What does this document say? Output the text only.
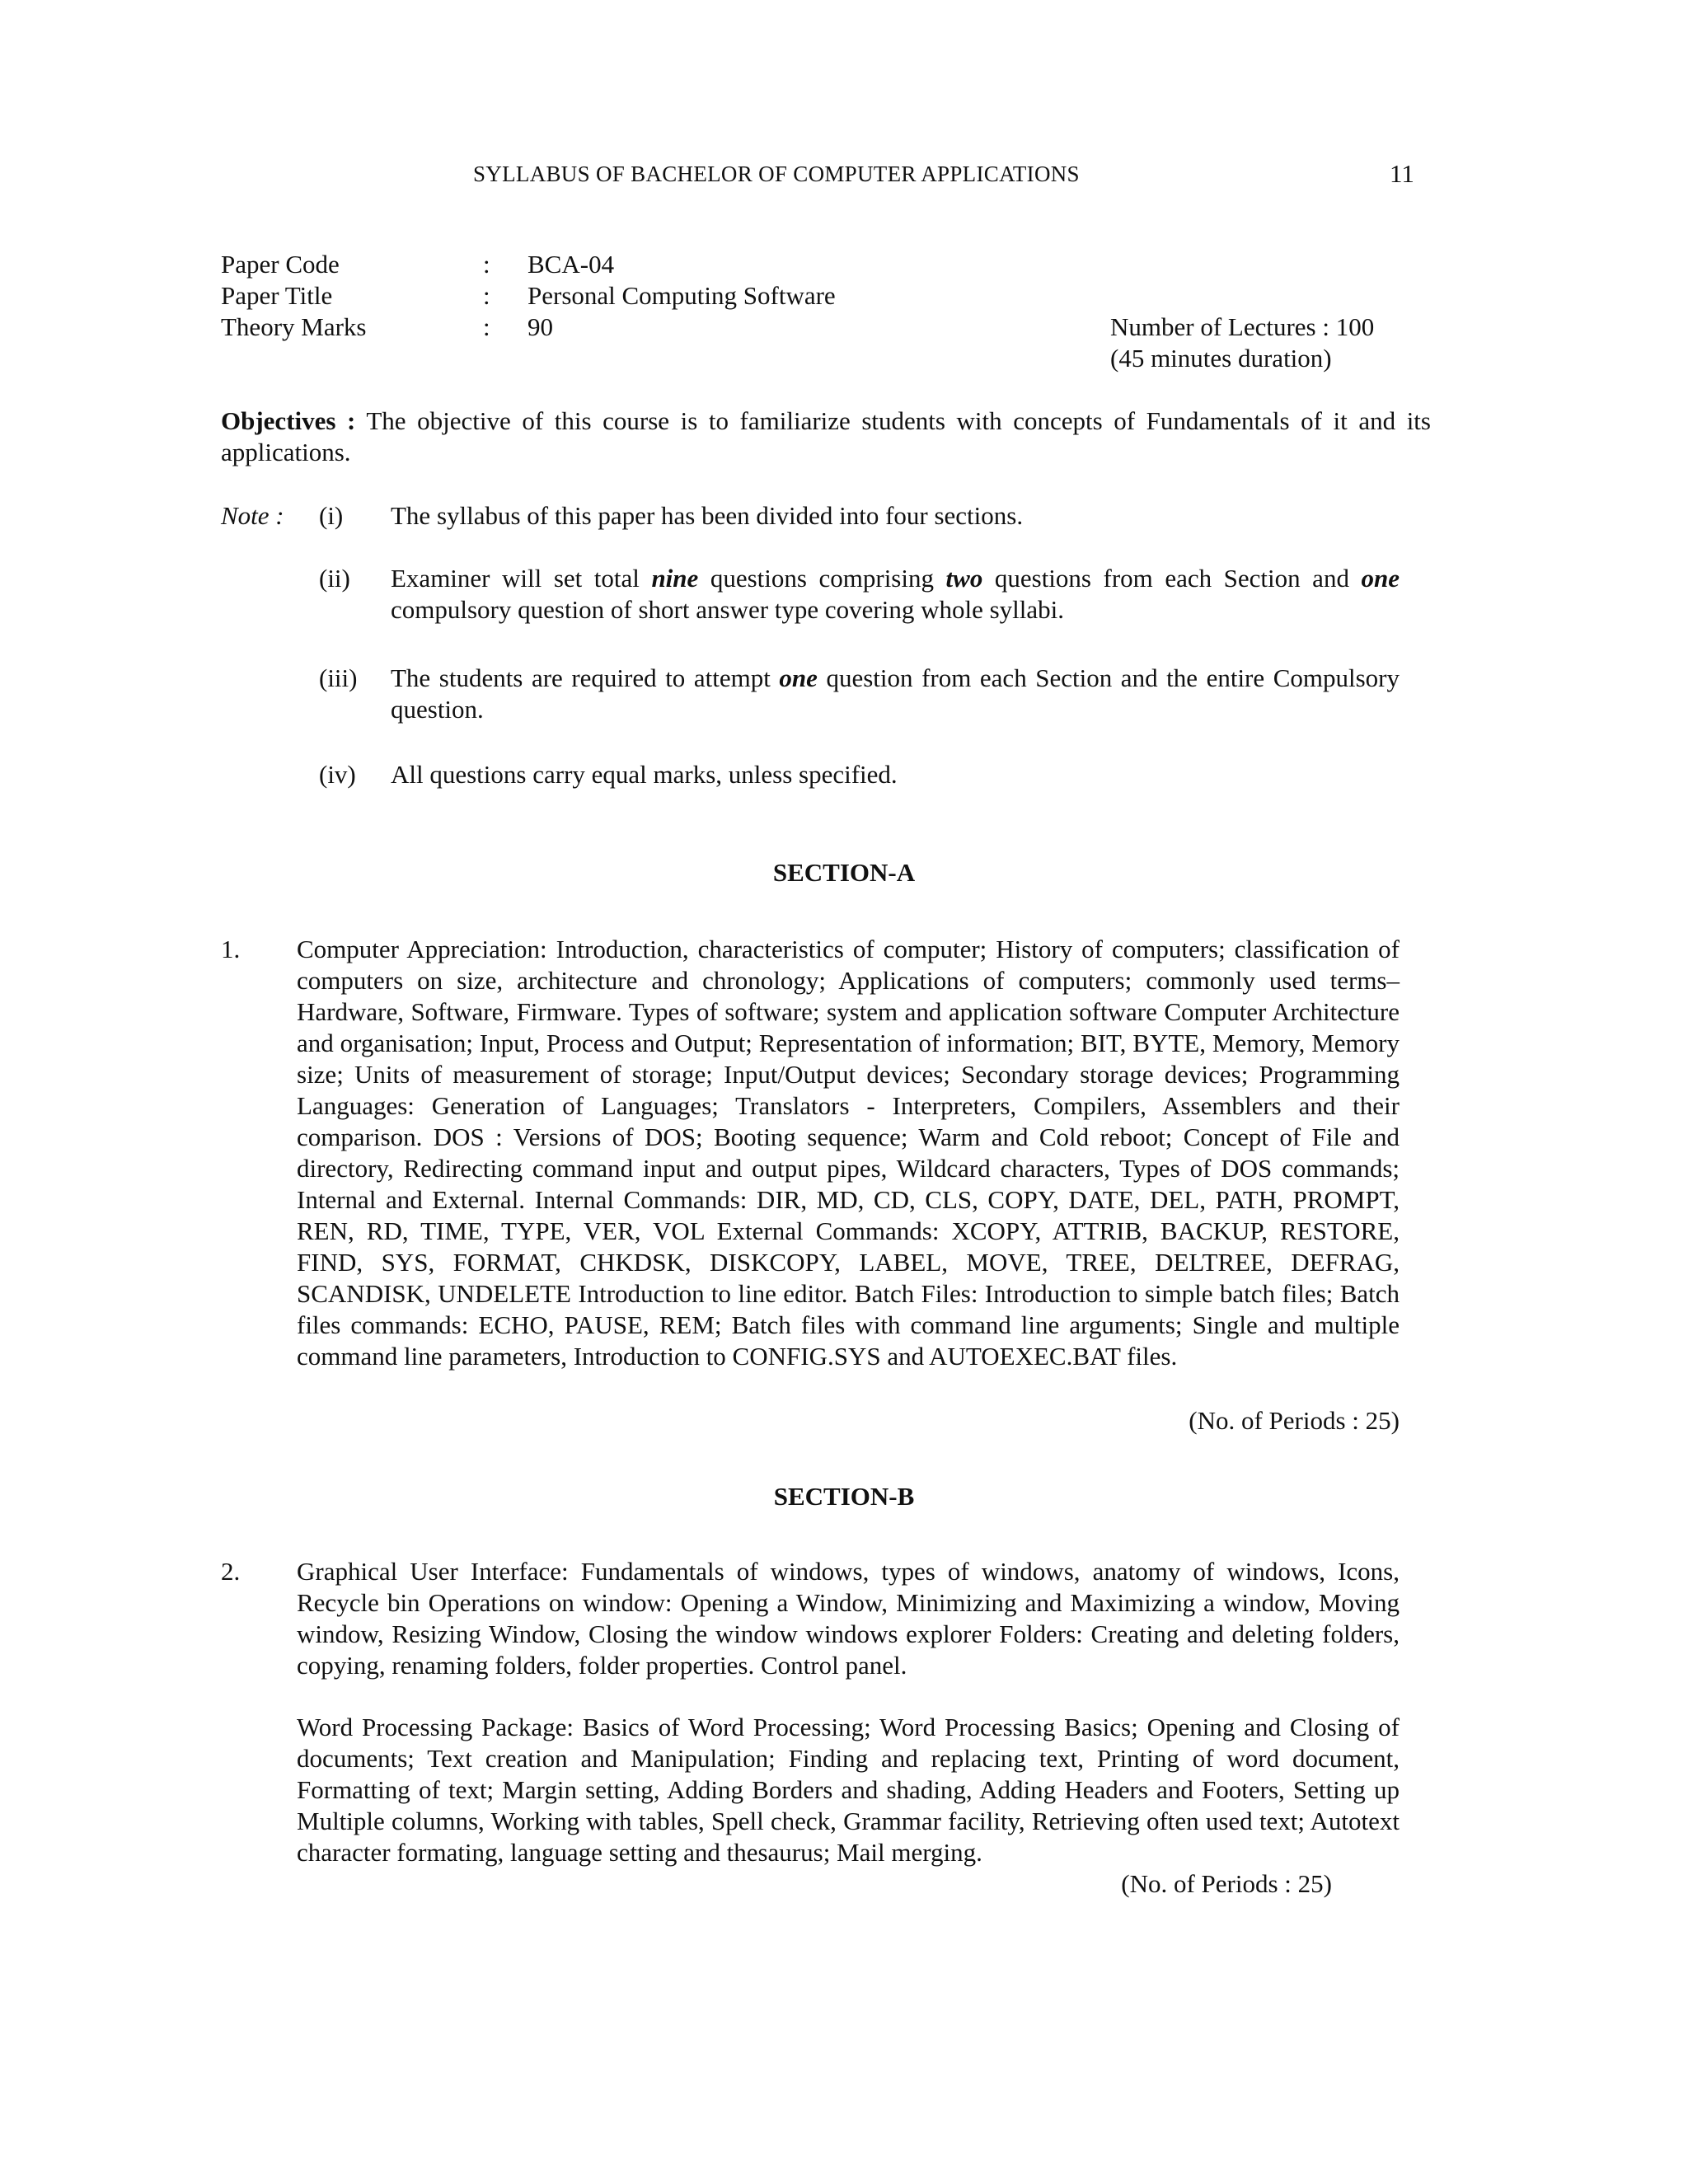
SYLLABUS OF BACHELOR OF COMPUTER APPLICATIONS	11
Paper Code	: BCA-04
Paper Title	: Personal Computing Software
Theory Marks	: 90	Number of Lectures : 100
(45 minutes duration)

Objectives : The objective of this course is to familiarize students with concepts of Fundamentals of it and its applications.

Note : (i) The syllabus of this paper has been divided into four sections.

(ii) Examiner will set total nine questions comprising two questions from each Section and one compulsory question of short answer type covering whole syllabi.

(iii) The students are required to attempt one question from each Section and the entire Compulsory question.

(iv) All questions carry equal marks, unless specified.

SECTION-A
1. Computer Appreciation: Introduction, characteristics of computer; History of computers; classification of computers on size, architecture and chronology; Applications of computers; commonly used terms–Hardware, Software, Firmware. Types of software; system and application software Computer Architecture and organisation; Input, Process and Output; Representation of information; BIT, BYTE, Memory, Memory size; Units of measurement of storage; Input/Output devices; Secondary storage devices; Programming Languages: Generation of Languages; Translators - Interpreters, Compilers, Assemblers and their comparison. DOS : Versions of DOS; Booting sequence; Warm and Cold reboot; Concept of File and directory, Redirecting command input and output pipes, Wildcard characters, Types of DOS commands; Internal and External. Internal Commands: DIR, MD, CD, CLS, COPY, DATE, DEL, PATH, PROMPT, REN, RD, TIME, TYPE, VER, VOL External Commands: XCOPY, ATTRIB, BACKUP, RESTORE, FIND, SYS, FORMAT, CHKDSK, DISKCOPY, LABEL, MOVE, TREE, DELTREE, DEFRAG, SCANDISK, UNDELETE Introduction to line editor. Batch Files: Introduction to simple batch files; Batch files commands: ECHO, PAUSE, REM; Batch files with command line arguments; Single and multiple command line parameters, Introduction to CONFIG.SYS and AUTOEXEC.BAT files.

(No. of Periods : 25)
SECTION-B
2. Graphical User Interface: Fundamentals of windows, types of windows, anatomy of windows, Icons, Recycle bin Operations on window: Opening a Window, Minimizing and Maximizing a window, Moving window, Resizing Window, Closing the window windows explorer Folders: Creating and deleting folders, copying, renaming folders, folder properties. Control panel.

Word Processing Package: Basics of Word Processing; Word Processing Basics; Opening and Closing of documents; Text creation and Manipulation; Finding and replacing text, Printing of word document, Formatting of text; Margin setting, Adding Borders and shading, Adding Headers and Footers, Setting up Multiple columns, Working with tables, Spell check, Grammar facility, Retrieving often used text; Autotext character formating, language setting and thesaurus; Mail merging.

(No. of Periods : 25)
